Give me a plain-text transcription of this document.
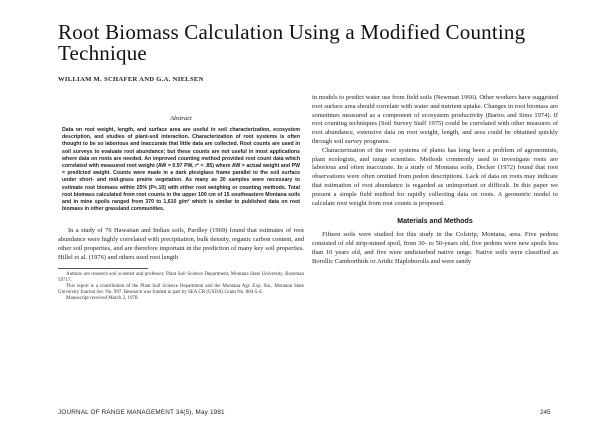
Root Biomass Calculation Using a Modified Counting Technique
WILLIAM M. SCHAFER AND G.A. NIELSEN
Abstract

Data on root weight, length, and surface area are useful in soil characterization, ecosystem description, and studies of plant-soil interaction. Characterization of root systems is often thought to be so laborious and inaccurate that little data are collected. Root counts are used in soil surveys to evaluate root abundance; but these counts are not useful in most applications where data on roots are needed. An improved counting method provided root count data which correlated with measured root weight (AW = 0.97 PW, r² = .85) where AW = actual weight and PW = predicted weight. Counts were made in a dark plexiglass frame parallel to the soil surface under short- and mid-grass prairie vegetation. As many as 30 samples were necessary to estimate root biomass within 25% (P<.10) with either root weighing or counting methods. Total root biomass calculated from root counts in the upper 100 cm of 15 southeastern Montana soils and in mine spoils ranged from 370 to 1,610 g/m² which is similar to published data on root biomass in other grassland communities.

In a study of 76 Hawaiian and Indian soils, Pardley (1969) found that estimates of root abundance were highly correlated with precipitation, bulk density, organic carbon content, and other soil properties, and are therefore important in the prediction of many key soil properties. Hillel et al. (1976) and others used root length

Authors are research soil scientist and professor, Plant Soil Science Department, Montana State University, Bozeman 59717.

This report is a contribution of the Plant Soil Science Department and the Montana Agr. Exp. Sta., Montana State University Journal Ser. No. 997. Research was funded in part by SEA CR (USDA) Grant No. 804-5-4.

Manuscript received March 2, 1978.

in models to predict water use from field soils (Newman 1966). Other workers have suggested root surface area should correlate with water and nutrient uptake. Changes in root biomass are sometimes measured as a component of ecosystem productivity (Bartos and Sims 1974). If root counting techniques (Soil Survey Staff 1975) could be correlated with other measures of root abundance, extensive data on root weight, length, and area could be obtained quickly through soil survey programs.

Characterization of the root systems of plants has long been a problem of agronomists, plant ecologists, and range scientists. Methods commonly used to investigate roots are laborious and often inaccurate. In a study of Montana soils, Decker (1972) found that root observations were often omitted from pedon descriptions. Lack of data on roots may indicate that estimation of root abundance is regarded as unimportant or difficult. In this paper we present a simple field method for rapidly collecting data on roots. A geometric model to calculate root weight from root counts is proposed.

Materials and Methods

Fifteen soils were studied for this study in the Colstrip, Montana, area. Five pedons consisted of old strip-mined spoil, from 30- to 50-years old, five pedons were new spoils less than 10 years old, and five were undisturbed native range. Native soils were classified as Borollic Camborthids or Aridic Haploborolls and were sandy

JOURNAL OF RANGE MANAGEMENT 34(5), May 1981	245
